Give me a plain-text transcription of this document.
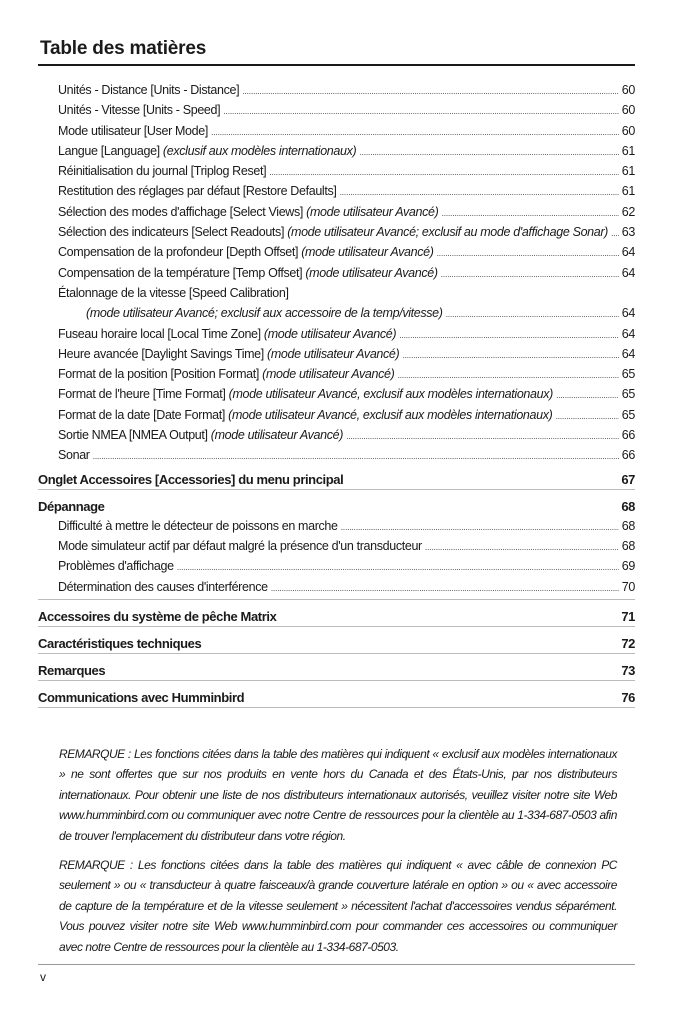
Table des matières
Unités - Distance [Units - Distance] .....	60
Unités - Vitesse [Units - Speed] .....	60
Mode utilisateur [User Mode] .....	60
Langue [Language] (exclusif aux modèles internationaux) .....	61
Réinitialisation du journal [Triplog Reset] .....	61
Restitution des réglages par défaut [Restore Defaults] .....	61
Sélection des modes d'affichage [Select Views] (mode utilisateur Avancé) .....	62
Sélection des indicateurs [Select Readouts] (mode utilisateur Avancé; exclusif au mode d'affichage Sonar) ..... 63
Compensation de la profondeur [Depth Offset] (mode utilisateur Avancé) .....	64
Compensation de la température [Temp Offset] (mode utilisateur Avancé) .....	64
Étalonnage de la vitesse [Speed Calibration]
(mode utilisateur Avancé; exclusif aux accessoire de la temp/vitesse) .....	64
Fuseau horaire local [Local Time Zone] (mode utilisateur Avancé) .....	64
Heure avancée [Daylight Savings Time] (mode utilisateur Avancé) .....	64
Format de la position [Position Format] (mode utilisateur Avancé) .....	65
Format de l'heure [Time Format] (mode utilisateur Avancé, exclusif aux modèles internationaux) .....	65
Format de la date [Date Format] (mode utilisateur Avancé, exclusif aux modèles internationaux) .....	65
Sortie NMEA [NMEA Output] (mode utilisateur Avancé) .....	66
Sonar .....	66
Onglet Accessoires [Accessories] du menu principal	67
Dépannage	68
Difficulté à mettre le détecteur de poissons en marche .....	68
Mode simulateur actif par défaut malgré la présence d'un transducteur .....	68
Problèmes d'affichage .....	69
Détermination des causes d'interférence .....	70
Accessoires du système de pêche Matrix	71
Caractéristiques techniques	72
Remarques	73
Communications avec Humminbird	76

REMARQUE : Les fonctions citées dans la table des matières qui indiquent « exclusif aux modèles internationaux » ne sont offertes que sur nos produits en vente hors du Canada et des États-Unis, par nos distributeurs internationaux. Pour obtenir une liste de nos distributeurs internationaux autorisés, veuillez visiter notre site Web www.humminbird.com ou communiquer avec notre Centre de ressources pour la clientèle au 1-334-687-0503 afin de trouver l'emplacement du distributeur dans votre région.

REMARQUE : Les fonctions citées dans la table des matières qui indiquent « avec câble de connexion PC seulement » ou « transducteur à quatre faisceaux/à grande couverture latérale en option » ou « avec accessoire de capture de la température et de la vitesse seulement » nécessitent l'achat d'accessoires vendus séparément. Vous pouvez visiter notre site Web www.humminbird.com pour commander ces accessoires ou communiquer avec notre Centre de ressources pour la clientèle au 1-334-687-0503.

v
